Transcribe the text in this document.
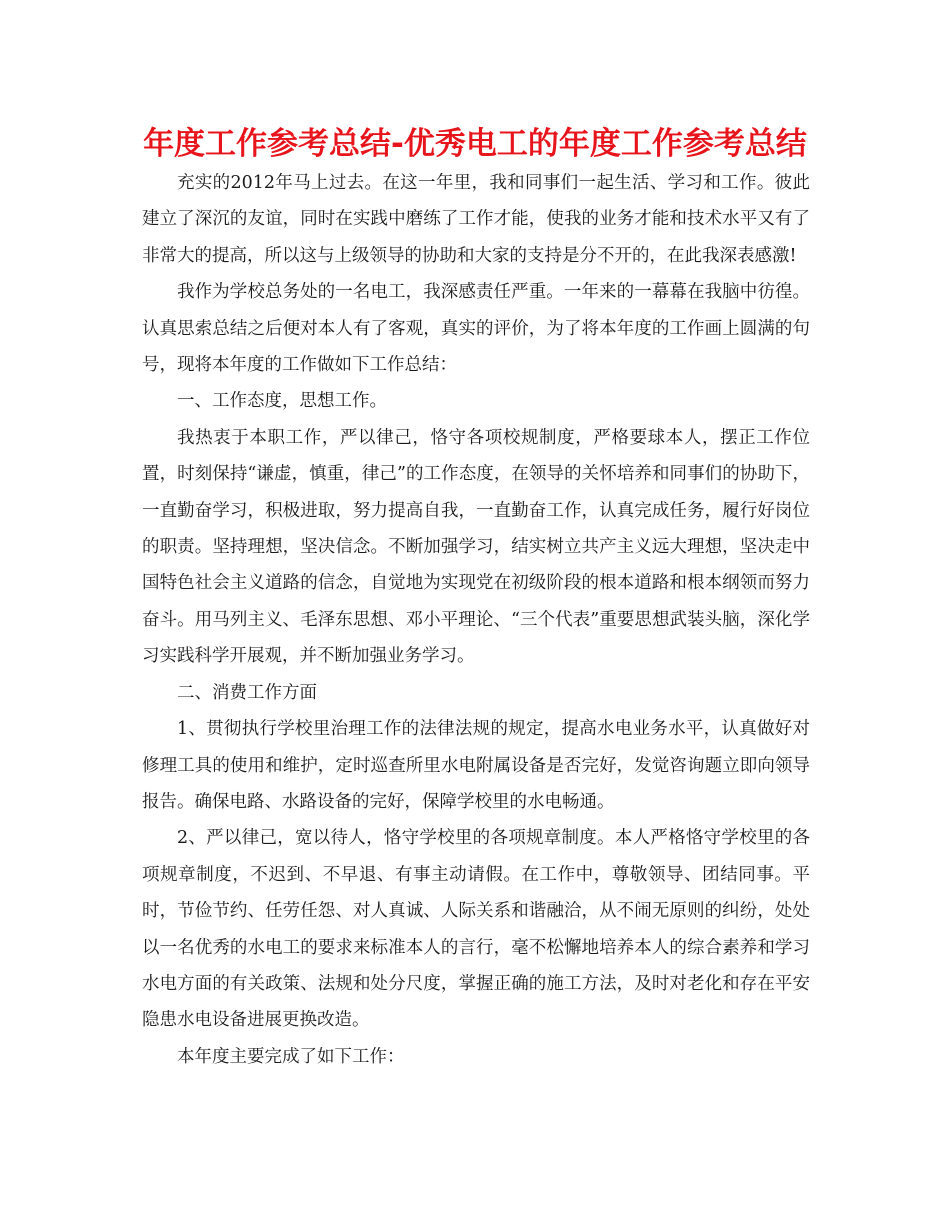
年度工作参考总结-优秀电工的年度工作参考总结

充实的2012年马上过去。在这一年里，我和同事们一起生活、学习和工作。彼此建立了深沉的友谊，同时在实践中磨练了工作才能，使我的业务才能和技术水平又有了非常大的提高，所以这与上级领导的协助和大家的支持是分不开的，在此我深表感激!

我作为学校总务处的一名电工，我深感责任严重。一年来的一幕幕在我脑中彷徨。认真思索总结之后便对本人有了客观，真实的评价，为了将本年度的工作画上圆满的句号，现将本年度的工作做如下工作总结：

一、工作态度，思想工作。

我热衷于本职工作，严以律己，恪守各项校规制度，严格要球本人，摆正工作位置，时刻保持“谦虚，慎重，律己”的工作态度，在领导的关怀培养和同事们的协助下，一直勤奋学习，积极进取，努力提高自我，一直勤奋工作，认真完成任务，履行好岗位的职责。坚持理想，坚决信念。不断加强学习，结实树立共产主义远大理想，坚决走中国特色社会主义道路的信念，自觉地为实现党在初级阶段的根本道路和根本纲领而努力奋斗。用马列主义、毛泽东思想、邓小平理论、“三个代表”重要思想武装头脑，深化学习实践科学开展观，并不断加强业务学习。

二、消费工作方面

1、贯彻执行学校里治理工作的法律法规的规定，提高水电业务水平，认真做好对修理工具的使用和维护，定时巡查所里水电附属设备是否完好，发觉咨询题立即向领导报告。确保电路、水路设备的完好，保障学校里的水电畅通。

2、严以律己，宽以待人，恪守学校里的各项规章制度。本人严格恪守学校里的各项规章制度，不迟到、不早退、有事主动请假。在工作中，尊敬领导、团结同事。平时，节俭节约、任劳任怨、对人真诚、人际关系和谐融洽，从不闹无原则的纠纷，处处以一名优秀的水电工的要求来标准本人的言行，毫不松懈地培养本人的综合素养和学习水电方面的有关政策、法规和处分尺度，掌握正确的施工方法，及时对老化和存在平安隐患水电设备进展更换改造。

本年度主要完成了如下工作：
